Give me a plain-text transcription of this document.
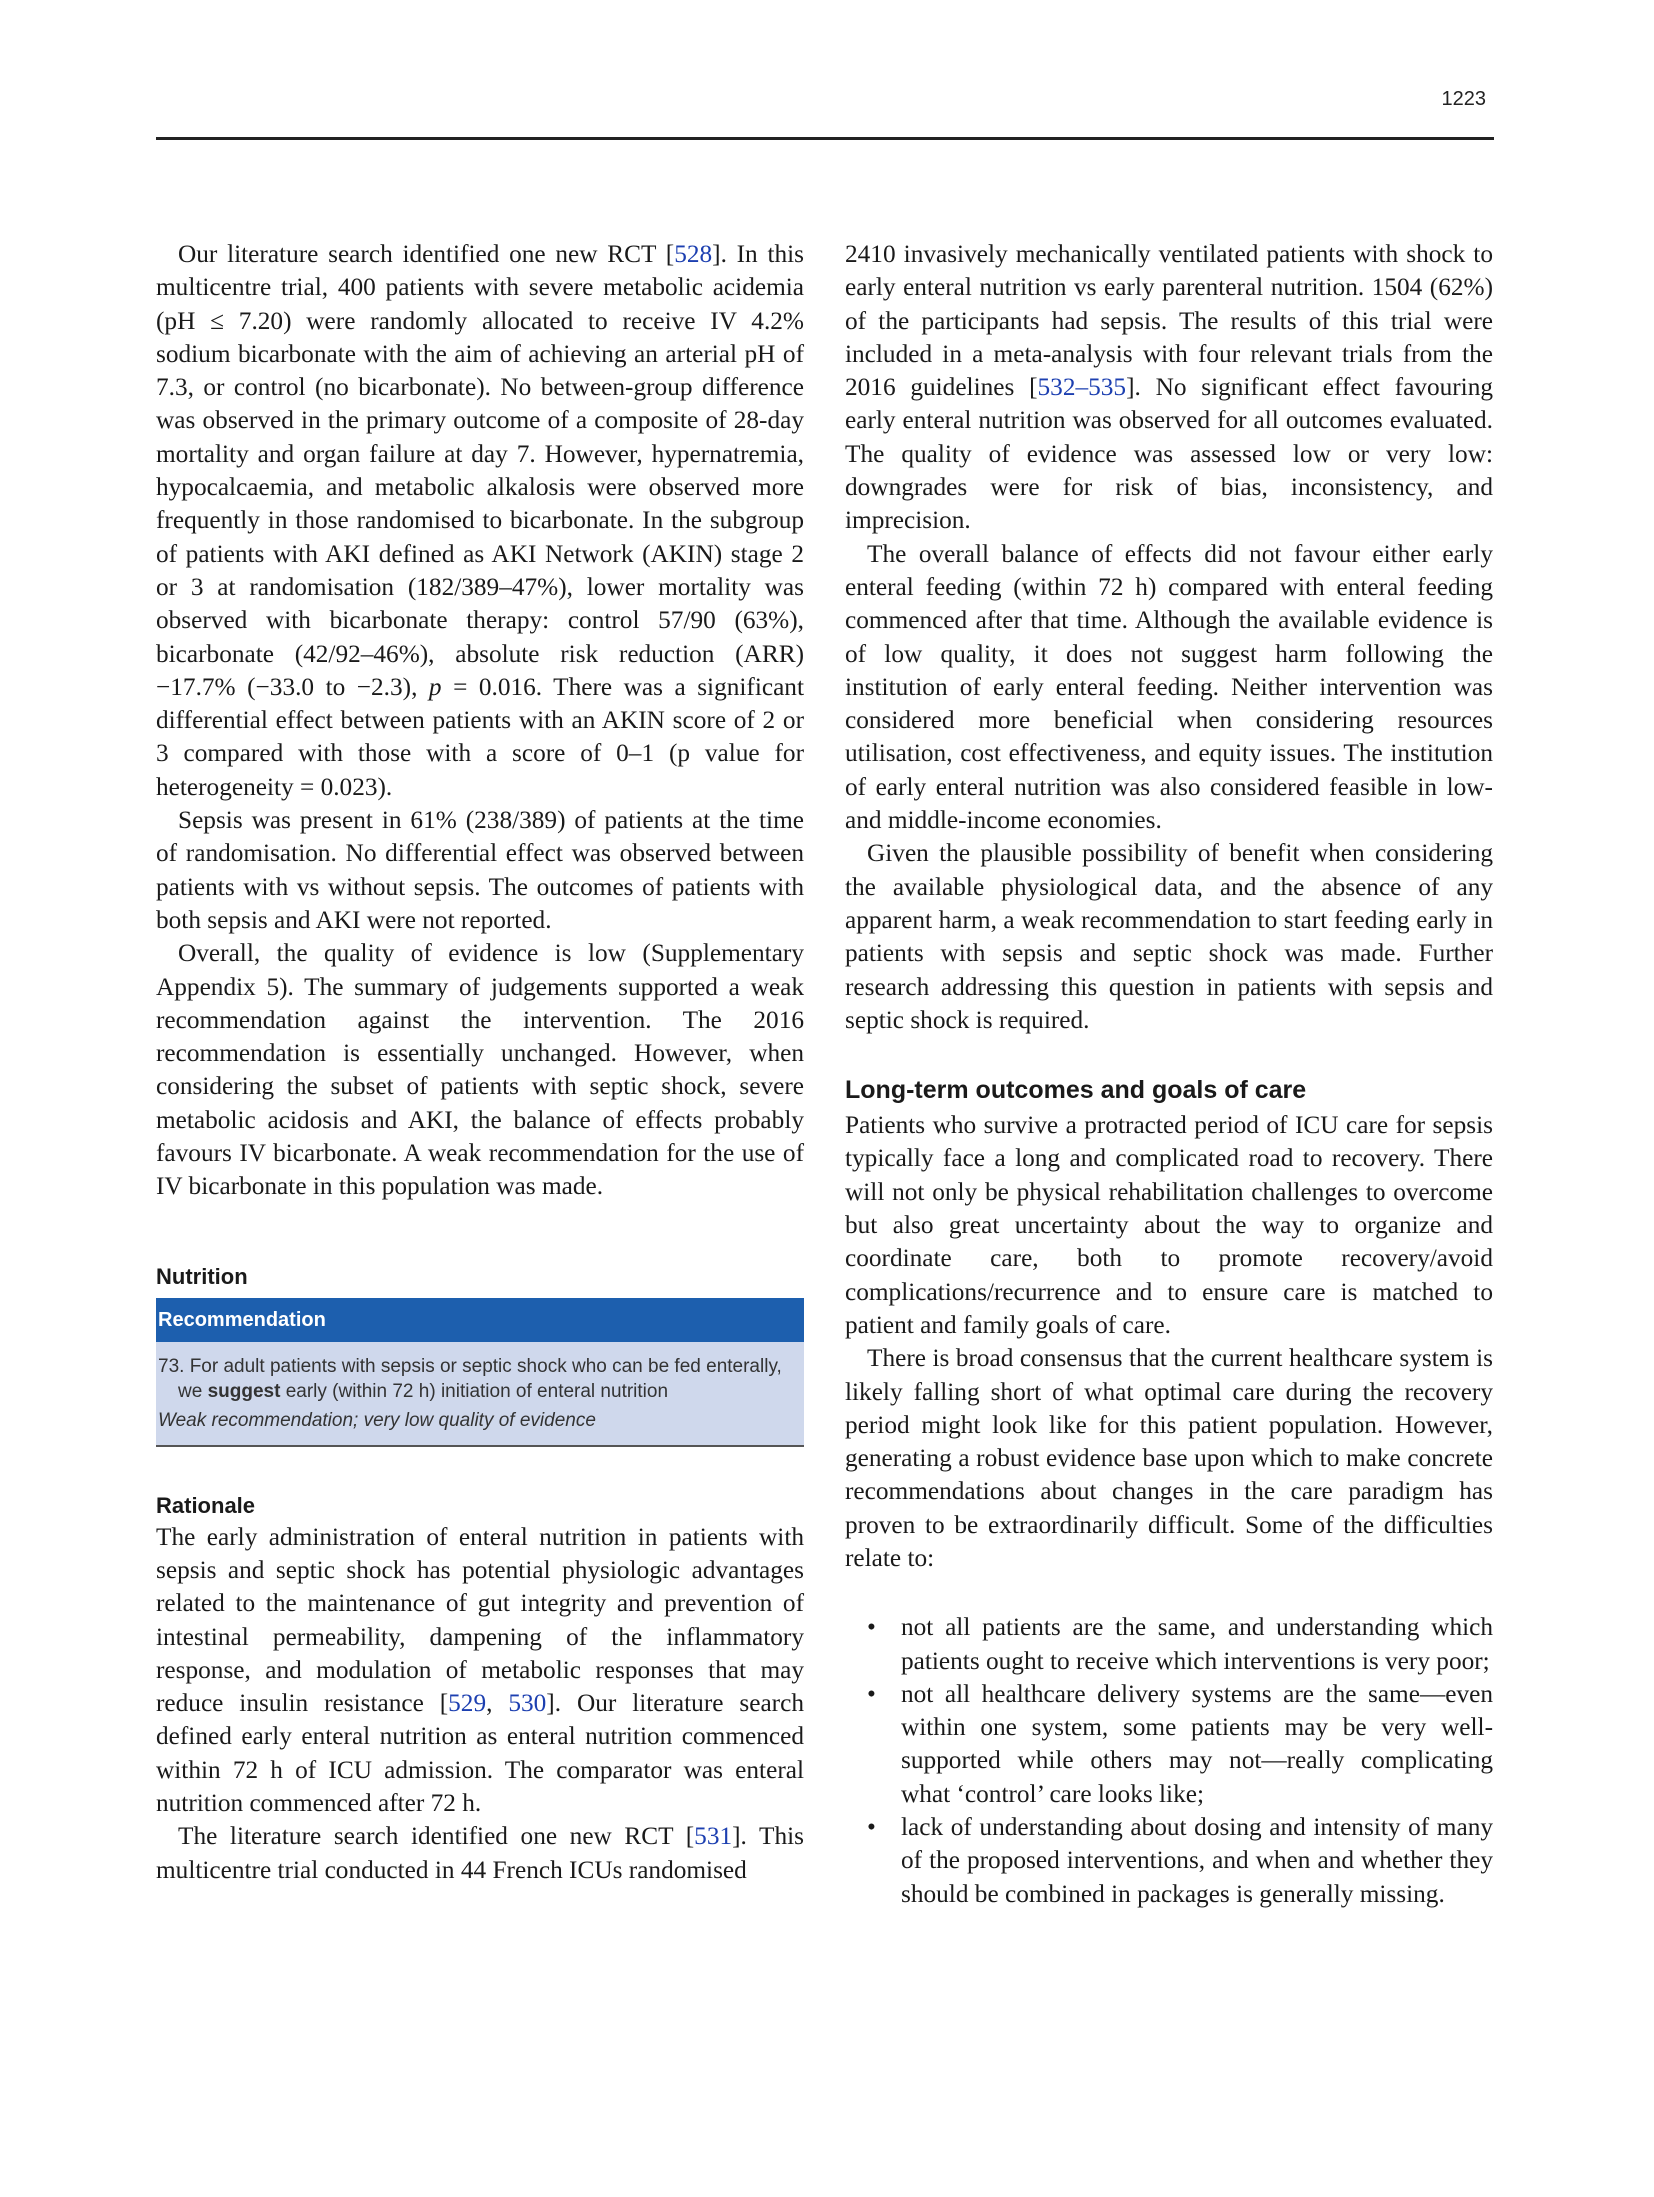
1223

Our literature search identified one new RCT [528]. In this multicentre trial, 400 patients with severe metabolic acidemia (pH ≤ 7.20) were randomly allocated to receive IV 4.2% sodium bicarbonate with the aim of achieving an arterial pH of 7.3, or control (no bicarbonate). No between-group difference was observed in the primary outcome of a composite of 28-day mortality and organ failure at day 7. However, hypernatremia, hypocalcaemia, and metabolic alkalosis were observed more frequently in those randomised to bicarbonate. In the subgroup of patients with AKI defined as AKI Network (AKIN) stage 2 or 3 at randomisation (182/389–47%), lower mortality was observed with bicarbonate therapy: control 57/90 (63%), bicarbonate (42/92–46%), absolute risk reduction (ARR) −17.7% (−33.0 to −2.3), p = 0.016. There was a significant differential effect between patients with an AKIN score of 2 or 3 compared with those with a score of 0–1 (p value for heterogeneity = 0.023).

Sepsis was present in 61% (238/389) of patients at the time of randomisation. No differential effect was observed between patients with vs without sepsis. The outcomes of patients with both sepsis and AKI were not reported.

Overall, the quality of evidence is low (Supplementary Appendix 5). The summary of judgements supported a weak recommendation against the intervention. The 2016 recommendation is essentially unchanged. However, when considering the subset of patients with septic shock, severe metabolic acidosis and AKI, the balance of effects probably favours IV bicarbonate. A weak recommendation for the use of IV bicarbonate in this population was made.

Nutrition
Recommendation
73. For adult patients with sepsis or septic shock who can be fed enterally, we suggest early (within 72 h) initiation of enteral nutrition
Weak recommendation; very low quality of evidence
Rationale

The early administration of enteral nutrition in patients with sepsis and septic shock has potential physiologic advantages related to the maintenance of gut integrity and prevention of intestinal permeability, dampening of the inflammatory response, and modulation of metabolic responses that may reduce insulin resistance [529, 530]. Our literature search defined early enteral nutrition as enteral nutrition commenced within 72 h of ICU admission. The comparator was enteral nutrition commenced after 72 h.

The literature search identified one new RCT [531]. This multicentre trial conducted in 44 French ICUs randomised

2410 invasively mechanically ventilated patients with shock to early enteral nutrition vs early parenteral nutrition. 1504 (62%) of the participants had sepsis. The results of this trial were included in a meta-analysis with four relevant trials from the 2016 guidelines [532–535]. No significant effect favouring early enteral nutrition was observed for all outcomes evaluated. The quality of evidence was assessed low or very low: downgrades were for risk of bias, inconsistency, and imprecision.

The overall balance of effects did not favour either early enteral feeding (within 72 h) compared with enteral feeding commenced after that time. Although the available evidence is of low quality, it does not suggest harm following the institution of early enteral feeding. Neither intervention was considered more beneficial when considering resources utilisation, cost effectiveness, and equity issues. The institution of early enteral nutrition was also considered feasible in low- and middle-income economies.

Given the plausible possibility of benefit when considering the available physiological data, and the absence of any apparent harm, a weak recommendation to start feeding early in patients with sepsis and septic shock was made. Further research addressing this question in patients with sepsis and septic shock is required.

Long-term outcomes and goals of care

Patients who survive a protracted period of ICU care for sepsis typically face a long and complicated road to recovery. There will not only be physical rehabilitation challenges to overcome but also great uncertainty about the way to organize and coordinate care, both to promote recovery/avoid complications/recurrence and to ensure care is matched to patient and family goals of care.

There is broad consensus that the current healthcare system is likely falling short of what optimal care during the recovery period might look like for this patient population. However, generating a robust evidence base upon which to make concrete recommendations about changes in the care paradigm has proven to be extraordinarily difficult. Some of the difficulties relate to:

• not all patients are the same, and understanding which patients ought to receive which interventions is very poor;
• not all healthcare delivery systems are the same—even within one system, some patients may be very well-supported while others may not—really complicating what ‘control’ care looks like;
• lack of understanding about dosing and intensity of many of the proposed interventions, and when and whether they should be combined in packages is generally missing.
